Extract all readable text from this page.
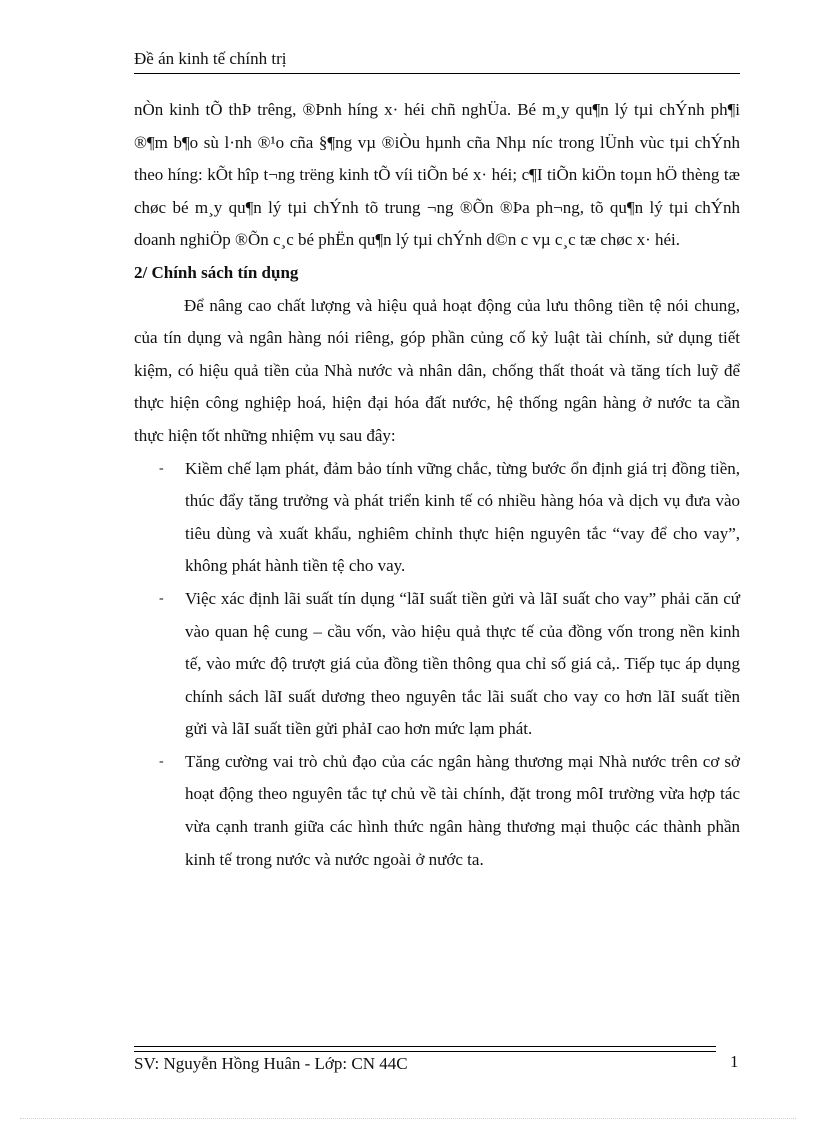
Đề án kinh tế chính trị

nÒn kinh tÕ thÞ trêng, ®Þnh híng x· héi chñ nghÜa. Bé m¸y qu¶n lý tµi chÝnh ph¶i ®¶m b¶o sù l·nh ®¹o cña §¶ng vµ ®iÒu hµnh cña Nhµ níc trong lÜnh vùc tµi chÝnh theo híng: kÕt hîp t¬ng trëng kinh tÕ víi tiÕn bé x· héi; c¶I tiÕn kiÖn toµn hÖ thèng tæ chøc bé m¸y qu¶n lý tµi chÝnh tõ trung ¬ng ®Õn ®Þa ph¬ng, tõ qu¶n lý tµi chÝnh doanh nghiÖp ®Õn c¸c bé phËn qu¶n lý tµi chÝnh d©n c vµ c¸c tæ chøc x· héi.

2/ Chính sách tín dụng

Để nâng cao chất lượng và hiệu quả hoạt động của lưu thông tiền tệ nói chung, của tín dụng và ngân hàng nói riêng, góp phần củng cố kỷ luật tài chính, sử dụng tiết kiệm, có hiệu quả tiền của Nhà nước và nhân dân, chống thất thoát và tăng tích luỹ để thực hiện công nghiệp hoá, hiện đại hóa đất nước, hệ thống ngân hàng ở nước ta cần thực hiện tốt những nhiệm vụ sau đây:

- Kiềm chế lạm phát, đảm bảo tính vững chắc, từng bước ổn định giá trị đồng tiền, thúc đẩy tăng trưởng và phát triển kinh tế có nhiều hàng hóa và dịch vụ đưa vào tiêu dùng và xuất khẩu, nghiêm chỉnh thực hiện nguyên tắc “vay để cho vay”, không phát hành tiền tệ cho vay.
- Việc xác định lãi suất tín dụng “lãI suất tiền gửi và lãI suất cho vay” phải căn cứ vào quan hệ cung – cầu vốn, vào hiệu quả thực tế của đồng vốn trong nền kinh tế, vào mức độ trượt giá của đồng tiền thông qua chỉ số giá cả,. Tiếp tục áp dụng chính sách lãI suất dương theo nguyên tắc lãi suất cho vay co hơn lãI suất tiền gửi và lãI suất tiền gửi phảI cao hơn mức lạm phát.
- Tăng cường vai trò chủ đạo của các ngân hàng thương mại Nhà nước trên cơ sở hoạt động theo nguyên tắc tự chủ về tài chính, đặt trong môI trường vừa hợp tác vừa cạnh tranh giữa các hình thức ngân hàng thương mại thuộc các thành phần kinh tế trong nước và nước ngoài ở nước ta.
SV: Nguyễn Hồng Huân - Lớp: CN 44C	1
